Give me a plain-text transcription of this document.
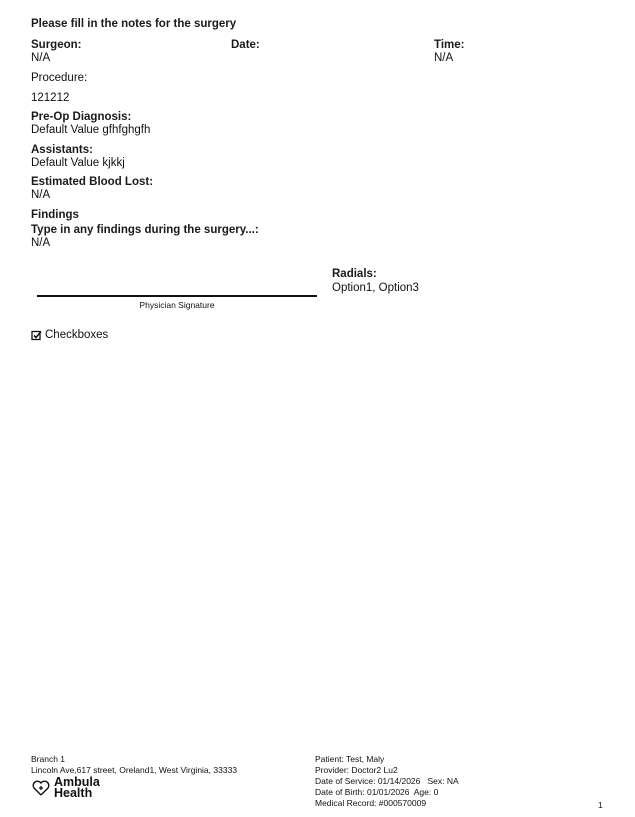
Please fill in the notes for the surgery
Surgeon:
N/A
Date:	Time:
N/A
Procedure:
121212
Pre-Op Diagnosis:
Default Value gfhfghgfh
Assistants:
Default Value kjkkj
Estimated Blood Lost:
N/A
Findings
Type in any findings during the surgery...:
N/A
Radials:
Option1, Option3
Physician Signature
Checkboxes
Branch 1
Lincoln Ave,617 street, Oreland1, West Virginia, 33333
Ambula
Health
Patient: Test, Maly
Provider: Doctor2 Lu2
Date of Service: 01/14/2026   Sex: NA
Date of Birth: 01/01/2026  Age: 0
Medical Record: #000570009	1
